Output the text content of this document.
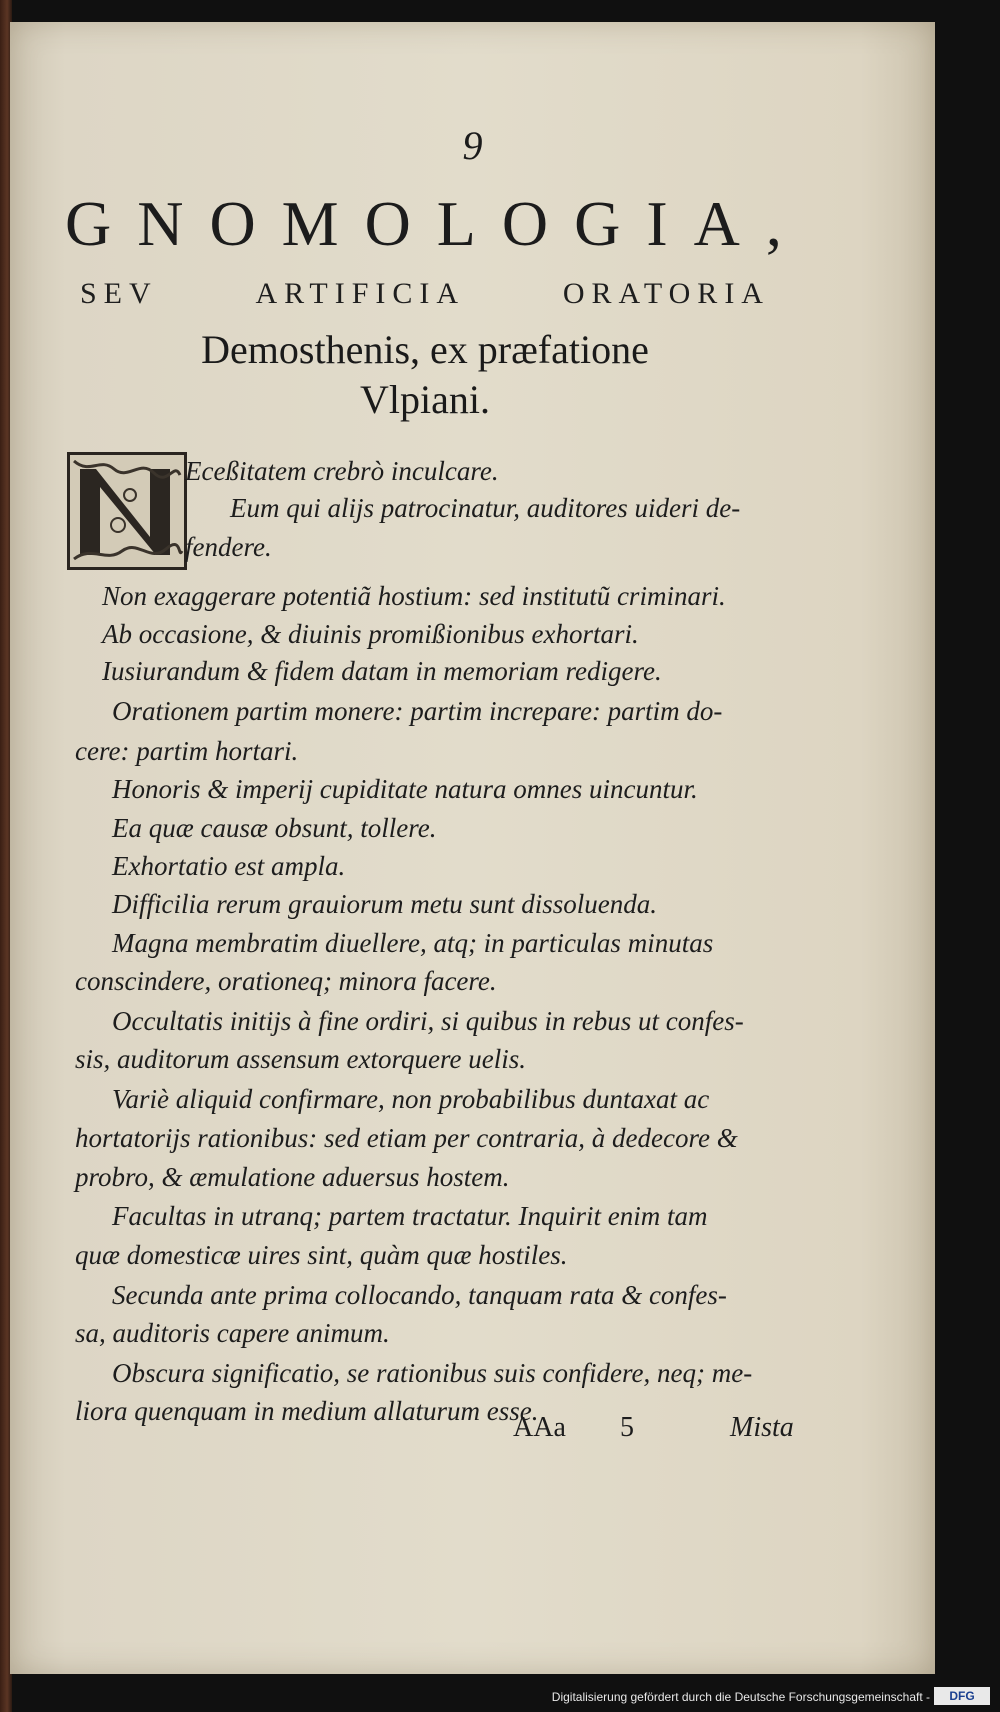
9
GNOMOLOGIA,
SEV	ARTIFICIA	ORATORIA
Demosthenis, ex præfatione
Vlpiani.
Eceßitatem crebrò inculcare.
Eum qui alijs patrocinatur, auditores uideri de-
fendere.
Non exaggerare potentiã hostium: sed institutũ criminari.
Ab occasione, & diuinis promißionibus exhortari.
Iusiurandum & fidem datam in memoriam redigere.
Orationem partim monere: partim increpare: partim do-
cere: partim hortari.
Honoris & imperij cupiditate natura omnes uincuntur.
Ea quæ causæ obsunt, tollere.
Exhortatio est ampla.
Difficilia rerum grauiorum metu sunt dissoluenda.
Magna membratim diuellere, atq; in particulas minutas
conscindere, orationeq; minora facere.
Occultatis initijs à fine ordiri, si quibus in rebus ut confes-
sis, auditorum assensum extorquere uelis.
Variè aliquid confirmare, non probabilibus duntaxat ac
hortatorijs rationibus: sed etiam per contraria, à dedecore &
probro, & æmulatione aduersus hostem.
Facultas in utranq; partem tractatur. Inquirit enim tam
quæ domesticæ uires sint, quàm quæ hostiles.
Secunda ante prima collocando, tanquam rata & confes-
sa, auditoris capere animum.
Obscura significatio, se rationibus suis confidere, neq; me-
liora quenquam in medium allaturum esse.
AAa 5	Mista
Digitalisierung gefördert durch die Deutsche Forschungsgemeinschaft -	DFG
